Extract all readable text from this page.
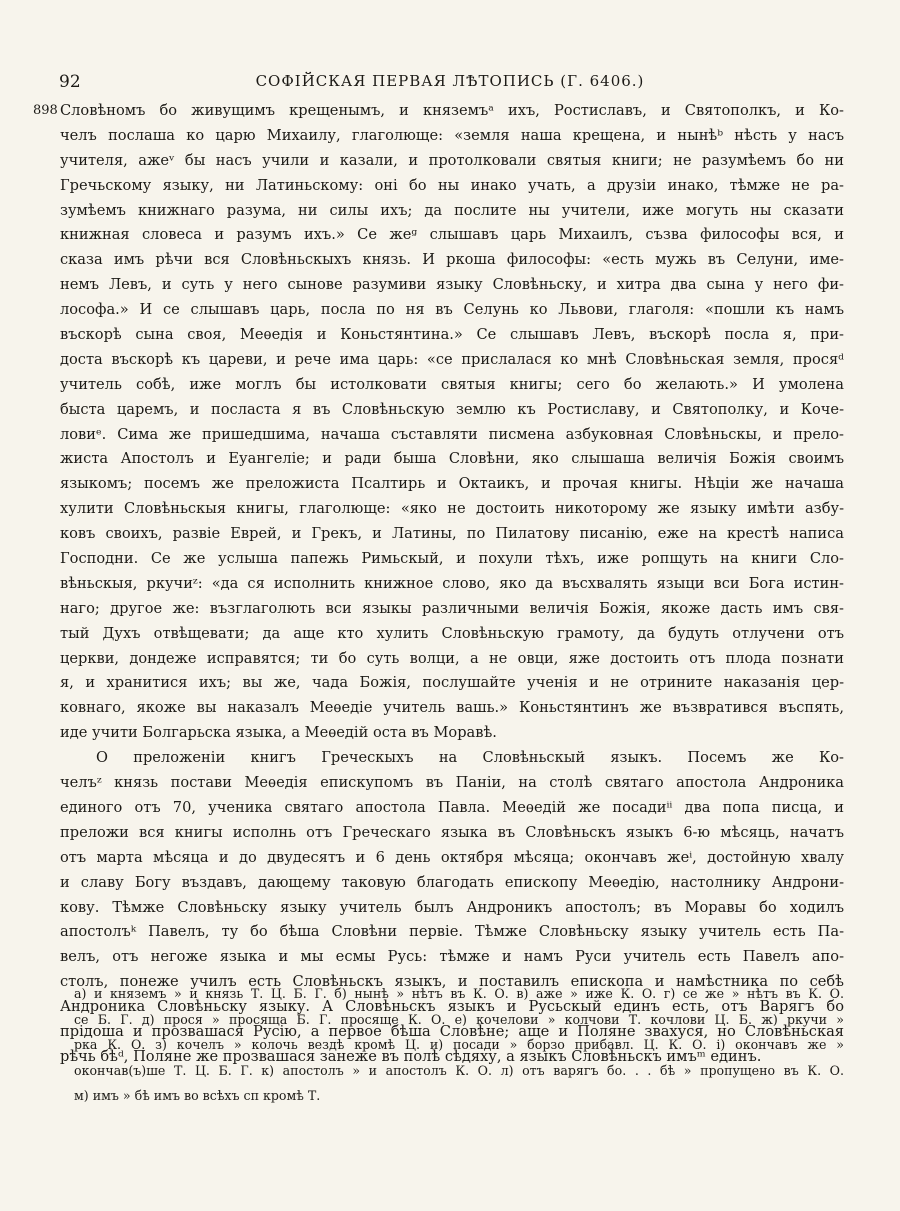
92	СОФІЙСКАЯ ПЕРВАЯ ЛѢТОПИСЬ (Г. 6406.)
898 Словѣномъ бо живущимъ крещенымъ, и княземъᵃ ихъ, Ростиславъ, и Святополкъ, и Ко-
челъ послаша ко царю Михаилу, глаголюще: «земля наша крещена, и нынѣᵇ нѣсть у насъ
учителя, ажеᵛ бы насъ учили и казали, и протолковали святыя книги; не разумѣемъ бо ни
Гречьскому языку, ни Латиньскому: оні бо ны инако учать, а друзіи инако, тѣмже не ра-
зумѣемъ книжнаго разума, ни силы ихъ; да послите ны учители, иже могуть ны сказати
книжная словеса и разумъ ихъ.» Се жеᵍ слышавъ царь Михаилъ, съзва философы вся, и
сказа имъ рѣчи вся Словѣньскыхъ князь. И ркоша философы: «есть мужь въ Селуни, име-
немъ Левъ, и суть у него сынове разумиви языку Словѣньску, и хитра два сына у него фи-
лософа.» И се слышавъ царь, посла по ня въ Селунь ко Львови, глаголя: «пошли къ намъ
въскорѣ сына своя, Меѳедія и Коньстянтина.» Се слышавъ Левъ, въскорѣ посла я, при-
доста въскорѣ къ цареви, и рече има царь: «се прислалася ко мнѣ Словѣньская земля, просяᵈ
учитель собѣ, иже моглъ бы истолковати святыя книгы; сего бо желають.» И умолена
быста царемъ, и посласта я въ Словѣньскую землю къ Ростиславу, и Святополку, и Коче-
ловиᵉ. Сима же пришедшима, начаша съставляти писмена азбуковная Словѣньскы, и прело-
жиста Апостолъ и Еуангеліе; и ради быша Словѣни, яко слышаша величія Божія своимъ
языкомъ; посемъ же преложиста Псалтирь и Октаикъ, и прочая книгы. Нѣціи же начаша
хулити Словѣньскыя книгы, глаголюще: «яко не достоить никоторому же языку имѣти азбу-
ковъ своихъ, развіе Еврей, и Грекъ, и Латины, по Пилатову писанію, еже на крестѣ написа
Господни. Се же услыша папежь Римьскый, и похули тѣхъ, иже ропщуть на книги Сло-
вѣньскыя, ркучиᶻ: «да ся исполнить книжное слово, яко да въсхвалять языци вси Бога истин-
наго; другое же: възглаголють вси языкы различными величія Божія, якоже дасть имъ свя-
тый Духъ отвѣщевати; да аще кто хулить Словѣньскую грамоту, да будуть отлучени отъ
церкви, дондеже исправятся; ти бо суть волци, а не овци, яже достоить отъ плода познати
я, и хранитися ихъ; вы же, чада Божія, послушайте ученія и не отрините наказанія цер-
ковнаго, якоже вы наказалъ Меѳедіе учитель вашь.» Коньстянтинъ же възвратився въспять,
иде учити Болгарьска языка, а Меѳедій оста въ Моравѣ.
О преложеніи книгъ Греческыхъ на Словѣньскый языкъ. Посемъ же Ко-
челъᶻ князь постави Меѳедія епискупомъ въ Паніи, на столѣ святаго апостола Андроника
единого отъ 70, ученика святаго апостола Павла. Меѳедій же посадиⁱⁱ два попа писца, и
преложи вся книгы исполнь отъ Греческаго языка въ Словѣньскъ языкъ 6-ю мѣсяць, начатъ
отъ марта мѣсяца и до двудесятъ и 6 день октября мѣсяца; окончавъ жеⁱ, достойную хвалу
и славу Богу въздавъ, дающему таковую благодать епископу Меѳедію, настолнику Андрони-
кову. Тѣмже Словѣньску языку учитель былъ Андроникъ апостолъ; въ Моравы бо ходилъ
апостолъᵏ Павелъ, ту бо бѣша Словѣни первіе. Тѣмже Словѣньску языку учитель есть Па-
велъ, отъ негоже языка и мы есмы Русь: тѣмже и намъ Руси учитель есть Павелъ апо-
столъ, понеже училъ есть Словѣньскъ языкъ, и поставилъ епископа и намѣстника по себѣ
Андроника Словѣньску языку. А Словѣньскъ языкъ и Русьскый единъ есть, отъ Варягъ бо
прідоша и прозвашася Русію, а первое бѣша Словѣне; аще и Поляне звахуся, но Словѣньская
рѣчь бѣᵈ, Поляне же прозвашася занеже въ полѣ сѣдяху, а языкъ Словѣньскъ имъᵐ единъ.
а) и княземъ » и князь Т. Ц. Б. Г. б) нынѣ » нѣтъ въ К. О. в) аже » иже К. О. г) се же » нѣтъ въ К. О.
се Б. Г. д) прося » просяща Б. Г. просяще К. О. е) кочелови » колчови Т. кочлови Ц. Б. ж) ркучи »
рка К. О. з) кочелъ » колочь вездѣ кромѣ Ц. и) посади » борзо прибавл. Ц. К. О. і) окончавъ же »
окончав(ъ)ше Т. Ц. Б. Г. к) апостолъ » и апостолъ К. О. л) отъ варягъ бо. . . бѣ » пропущено въ К. О.
м) имъ » бѣ имъ во всѣхъ сп кромѣ Т.
